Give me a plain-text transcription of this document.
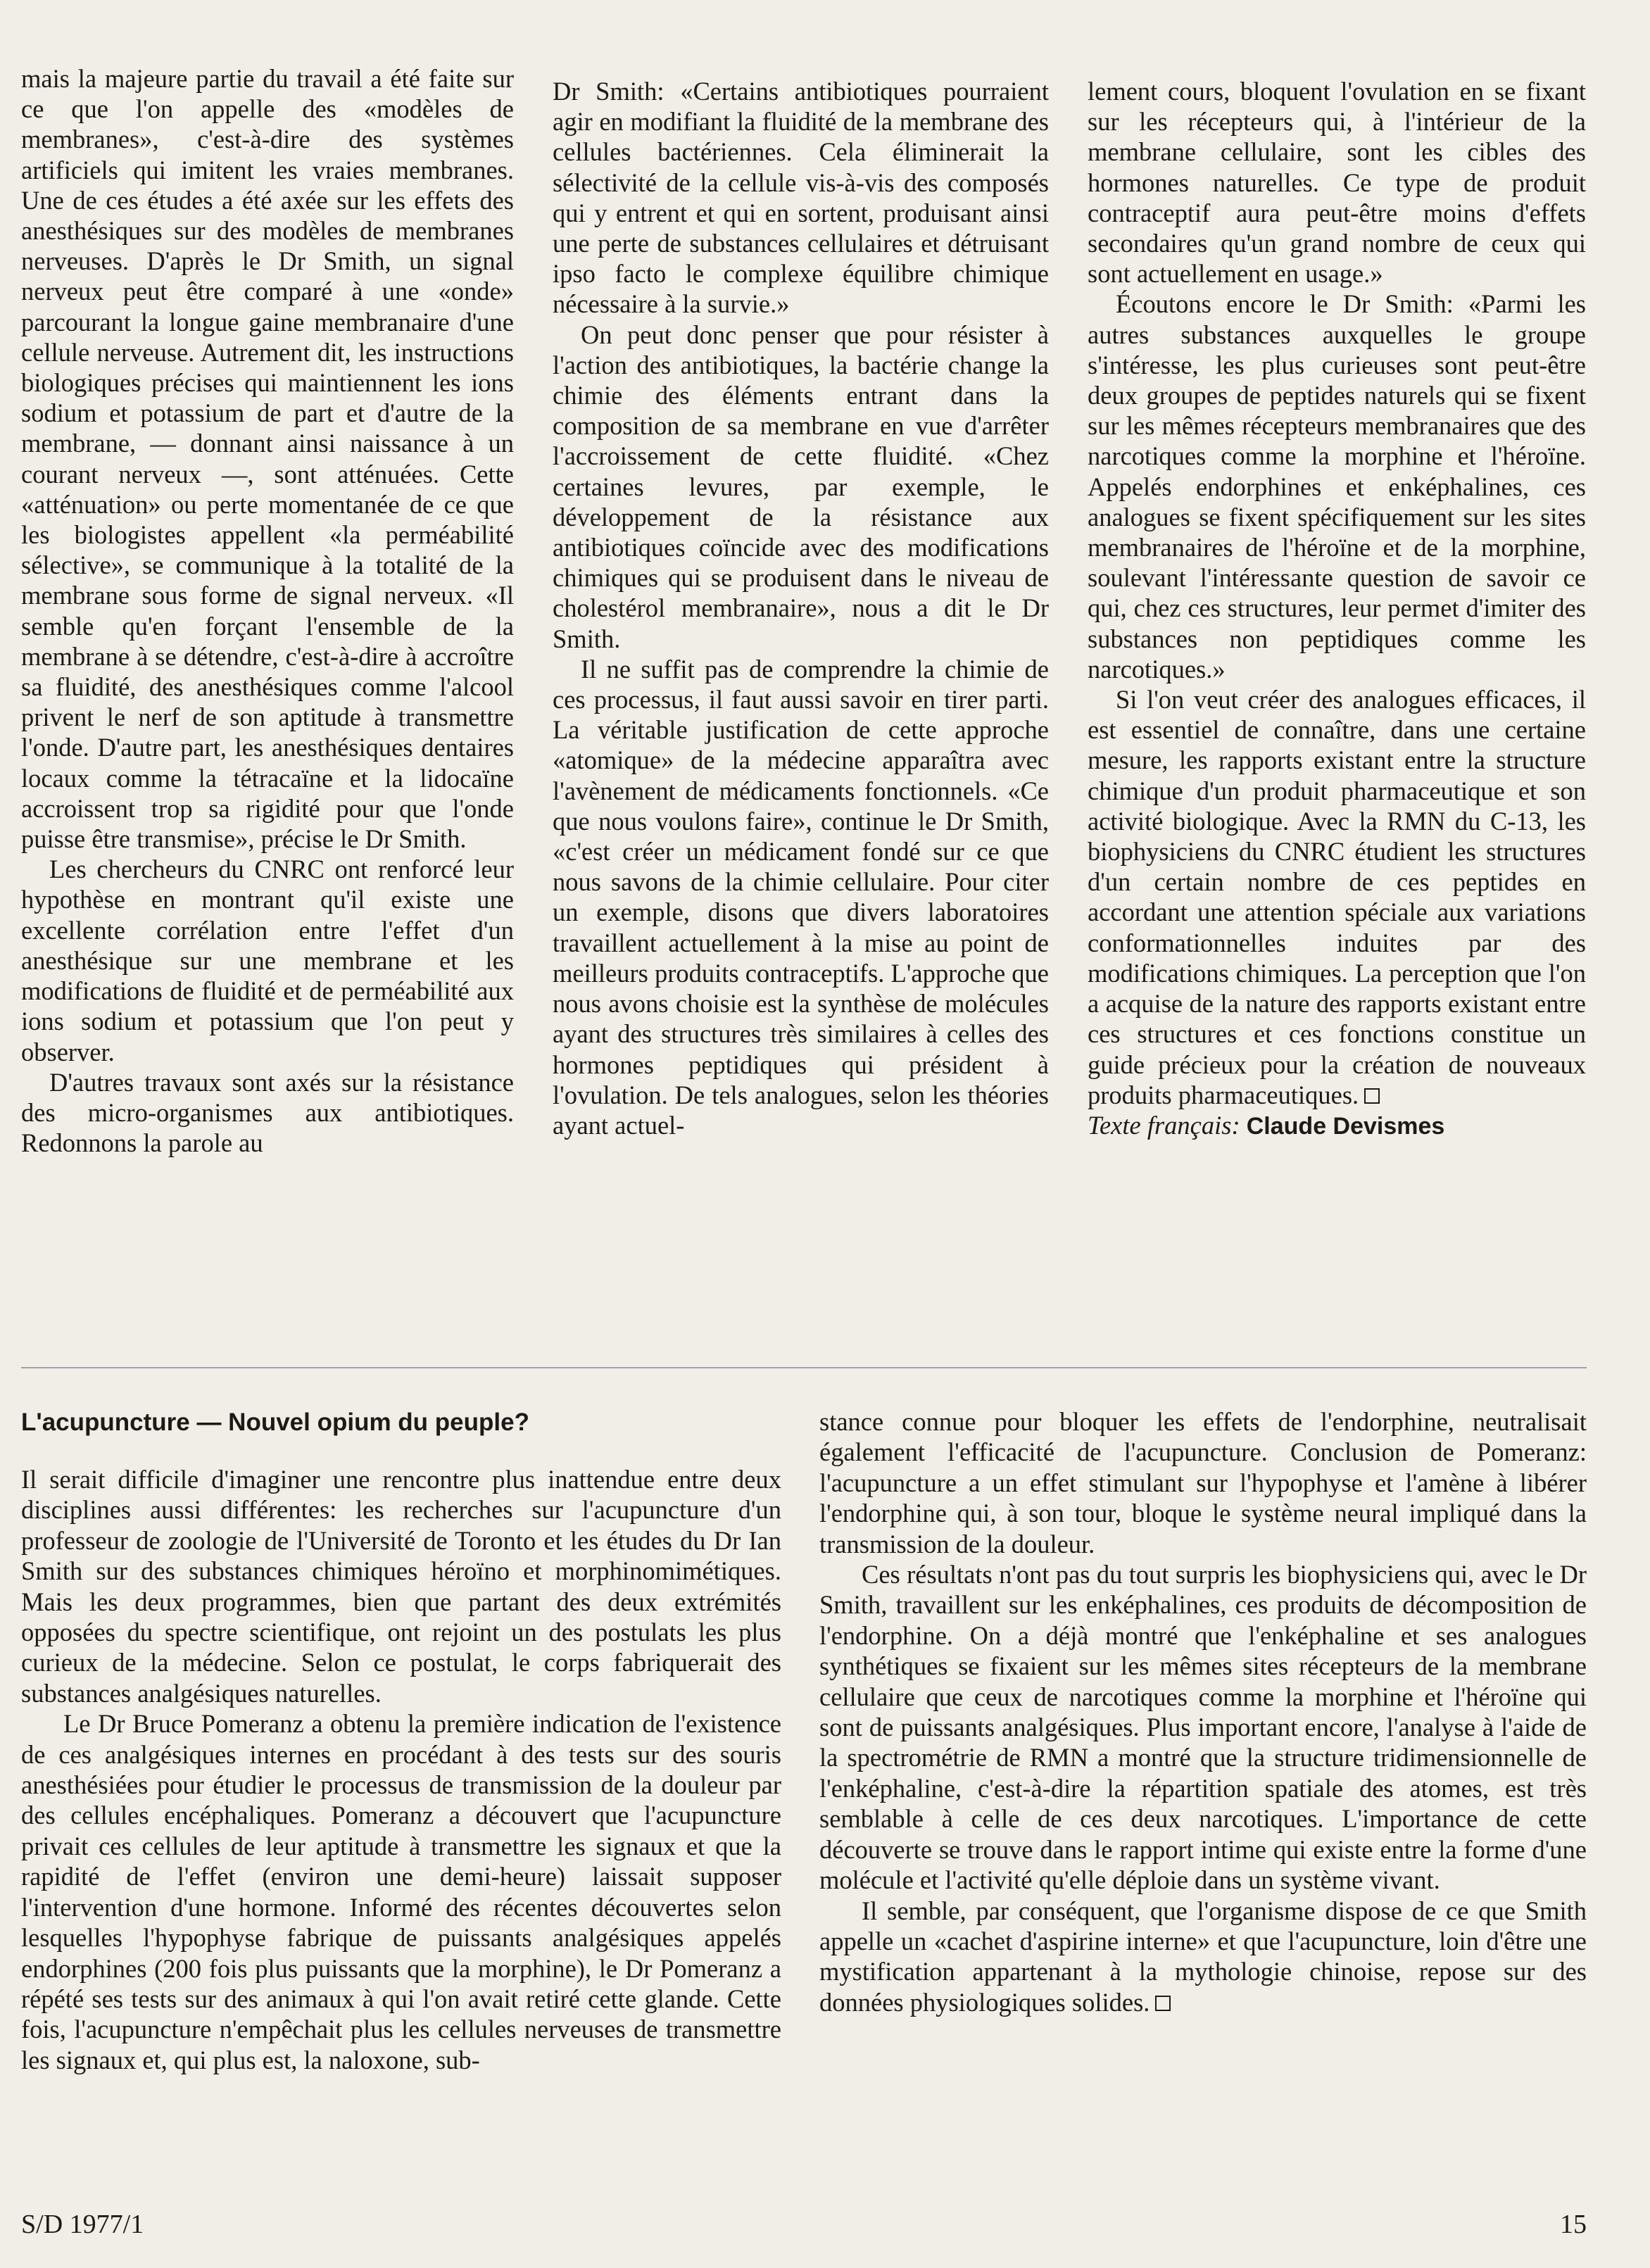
mais la majeure partie du travail a été faite sur ce que l'on appelle des «modèles de membranes», c'est-à-dire des systèmes artificiels qui imitent les vraies membranes. Une de ces études a été axée sur les effets des anesthésiques sur des modèles de membranes nerveuses. D'après le Dr Smith, un signal nerveux peut être comparé à une «onde» parcourant la longue gaine membranaire d'une cellule nerveuse. Autrement dit, les instructions biologiques précises qui maintiennent les ions sodium et potassium de part et d'autre de la membrane, — donnant ainsi naissance à un courant nerveux —, sont atténuées. Cette «atténuation» ou perte momentanée de ce que les biologistes appellent «la perméabilité sélective», se communique à la totalité de la membrane sous forme de signal nerveux. «Il semble qu'en forçant l'ensemble de la membrane à se détendre, c'est-à-dire à accroître sa fluidité, des anesthésiques comme l'alcool privent le nerf de son aptitude à transmettre l'onde. D'autre part, les anesthésiques dentaires locaux comme la tétracaïne et la lidocaïne accroissent trop sa rigidité pour que l'onde puisse être transmise», précise le Dr Smith.

Les chercheurs du CNRC ont renforcé leur hypothèse en montrant qu'il existe une excellente corrélation entre l'effet d'un anesthésique sur une membrane et les modifications de fluidité et de perméabilité aux ions sodium et potassium que l'on peut y observer.

D'autres travaux sont axés sur la résistance des micro-organismes aux antibiotiques. Redonnons la parole au

Dr Smith: «Certains antibiotiques pourraient agir en modifiant la fluidité de la membrane des cellules bactériennes. Cela éliminerait la sélectivité de la cellule vis-à-vis des composés qui y entrent et qui en sortent, produisant ainsi une perte de substances cellulaires et détruisant ipso facto le complexe équilibre chimique nécessaire à la survie.»

On peut donc penser que pour résister à l'action des antibiotiques, la bactérie change la chimie des éléments entrant dans la composition de sa membrane en vue d'arrêter l'accroissement de cette fluidité. «Chez certaines levures, par exemple, le développement de la résistance aux antibiotiques coïncide avec des modifications chimiques qui se produisent dans le niveau de cholestérol membranaire», nous a dit le Dr Smith.

Il ne suffit pas de comprendre la chimie de ces processus, il faut aussi savoir en tirer parti. La véritable justification de cette approche «atomique» de la médecine apparaîtra avec l'avènement de médicaments fonctionnels. «Ce que nous voulons faire», continue le Dr Smith, «c'est créer un médicament fondé sur ce que nous savons de la chimie cellulaire. Pour citer un exemple, disons que divers laboratoires travaillent actuellement à la mise au point de meilleurs produits contraceptifs. L'approche que nous avons choisie est la synthèse de molécules ayant des structures très similaires à celles des hormones peptidiques qui président à l'ovulation. De tels analogues, selon les théories ayant actuel-

lement cours, bloquent l'ovulation en se fixant sur les récepteurs qui, à l'intérieur de la membrane cellulaire, sont les cibles des hormones naturelles. Ce type de produit contraceptif aura peut-être moins d'effets secondaires qu'un grand nombre de ceux qui sont actuellement en usage.»

Écoutons encore le Dr Smith: «Parmi les autres substances auxquelles le groupe s'intéresse, les plus curieuses sont peut-être deux groupes de peptides naturels qui se fixent sur les mêmes récepteurs membranaires que des narcotiques comme la morphine et l'héroïne. Appelés endorphines et enképhalines, ces analogues se fixent spécifiquement sur les sites membranaires de l'héroïne et de la morphine, soulevant l'intéressante question de savoir ce qui, chez ces structures, leur permet d'imiter des substances non peptidiques comme les narcotiques.»

Si l'on veut créer des analogues efficaces, il est essentiel de connaître, dans une certaine mesure, les rapports existant entre la structure chimique d'un produit pharmaceutique et son activité biologique. Avec la RMN du C-13, les biophysiciens du CNRC étudient les structures d'un certain nombre de ces peptides en accordant une attention spéciale aux variations conformationnelles induites par des modifications chimiques. La perception que l'on a acquise de la nature des rapports existant entre ces structures et ces fonctions constitue un guide précieux pour la création de nouveaux produits pharmaceutiques.

Texte français: Claude Devismes

L'acupuncture — Nouvel opium du peuple?

Il serait difficile d'imaginer une rencontre plus inattendue entre deux disciplines aussi différentes: les recherches sur l'acupuncture d'un professeur de zoologie de l'Université de Toronto et les études du Dr Ian Smith sur des substances chimiques héroïno et morphinomimétiques. Mais les deux programmes, bien que partant des deux extrémités opposées du spectre scientifique, ont rejoint un des postulats les plus curieux de la médecine. Selon ce postulat, le corps fabriquerait des substances analgésiques naturelles.

Le Dr Bruce Pomeranz a obtenu la première indication de l'existence de ces analgésiques internes en procédant à des tests sur des souris anesthésiées pour étudier le processus de transmission de la douleur par des cellules encéphaliques. Pomeranz a découvert que l'acupuncture privait ces cellules de leur aptitude à transmettre les signaux et que la rapidité de l'effet (environ une demi-heure) laissait supposer l'intervention d'une hormone. Informé des récentes découvertes selon lesquelles l'hypophyse fabrique de puissants analgésiques appelés endorphines (200 fois plus puissants que la morphine), le Dr Pomeranz a répété ses tests sur des animaux à qui l'on avait retiré cette glande. Cette fois, l'acupuncture n'empêchait plus les cellules nerveuses de transmettre les signaux et, qui plus est, la naloxone, sub-

stance connue pour bloquer les effets de l'endorphine, neutralisait également l'efficacité de l'acupuncture. Conclusion de Pomeranz: l'acupuncture a un effet stimulant sur l'hypophyse et l'amène à libérer l'endorphine qui, à son tour, bloque le système neural impliqué dans la transmission de la douleur.

Ces résultats n'ont pas du tout surpris les biophysiciens qui, avec le Dr Smith, travaillent sur les enképhalines, ces produits de décomposition de l'endorphine. On a déjà montré que l'enképhaline et ses analogues synthétiques se fixaient sur les mêmes sites récepteurs de la membrane cellulaire que ceux de narcotiques comme la morphine et l'héroïne qui sont de puissants analgésiques. Plus important encore, l'analyse à l'aide de la spectrométrie de RMN a montré que la structure tridimensionnelle de l'enképhaline, c'est-à-dire la répartition spatiale des atomes, est très semblable à celle de ces deux narcotiques. L'importance de cette découverte se trouve dans le rapport intime qui existe entre la forme d'une molécule et l'activité qu'elle déploie dans un système vivant.

Il semble, par conséquent, que l'organisme dispose de ce que Smith appelle un «cachet d'aspirine interne» et que l'acupuncture, loin d'être une mystification appartenant à la mythologie chinoise, repose sur des données physiologiques solides.

S/D 1977/1	15
